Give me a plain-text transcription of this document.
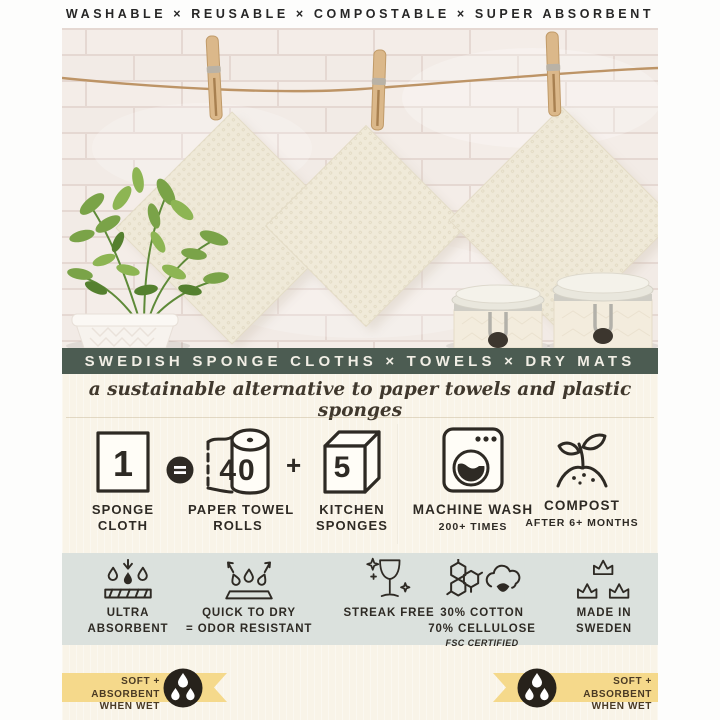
WASHABLE × REUSABLE × COMPOSTABLE × SUPER ABSORBENT
SWEDISH SPONGE CLOTHS × TOWELS × DRY MATS
a sustainable alternative to paper towels and plastic sponges
1
SPONGE
CLOTH
40
PAPER TOWEL
ROLLS
+	5
KITCHEN
SPONGES
MACHINE WASH
200+ TIMES
COMPOST
AFTER 6+ MONTHS
ULTRA
ABSORBENT
QUICK TO DRY
= ODOR RESISTANT
STREAK FREE 30% COTTON
70% CELLULOSE
FSC CERTIFIED
MADE IN
SWEDEN
SOFT + ABSORBENT
WHEN WET
SOFT + ABSORBENT
WHEN WET
